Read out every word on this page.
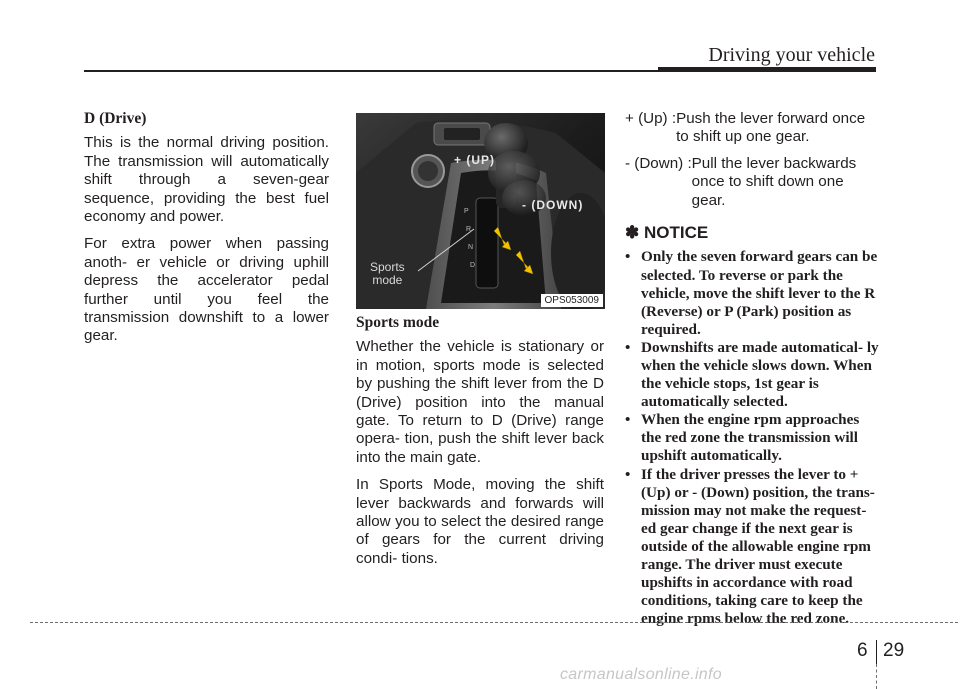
Driving your vehicle

D (Drive)

This is the normal driving position. The transmission will automatically shift through a seven-gear sequence, providing the best fuel economy and power.

For extra power when passing anoth- er vehicle or driving uphill depress the accelerator pedal further until you feel the transmission downshift to a lower gear.

P
R
N
D
+ (UP)
- (DOWN)
Sports
mode
OPS053009

Sports mode

Whether the vehicle is stationary or in motion, sports mode is selected by pushing the shift lever from the D (Drive) position into the manual gate. To return to D (Drive) range opera- tion, push the shift lever back into the main gate.

In Sports Mode, moving the shift lever backwards and forwards will allow you to select the desired range of gears for the current driving condi- tions.

+ (Up) : Push the lever forward once to shift up one gear.
- (Down) : Pull the lever backwards once to shift down one gear.
✽ NOTICE
• Only the seven forward gears can be selected. To reverse or park the vehicle, move the shift lever to the R (Reverse) or P (Park) position as required.
• Downshifts are made automatical- ly when the vehicle slows down. When the vehicle stops, 1st gear is automatically selected.
• When the engine rpm approaches the red zone the transmission will upshift automatically.
• If the driver presses the lever to + (Up) or - (Down) position, the trans- mission may not make the request- ed gear change if the next gear is outside of the allowable engine rpm range. The driver must execute upshifts in accordance with road conditions, taking care to keep the engine rpms below the red zone.
6 29
carmanualsonline.info
